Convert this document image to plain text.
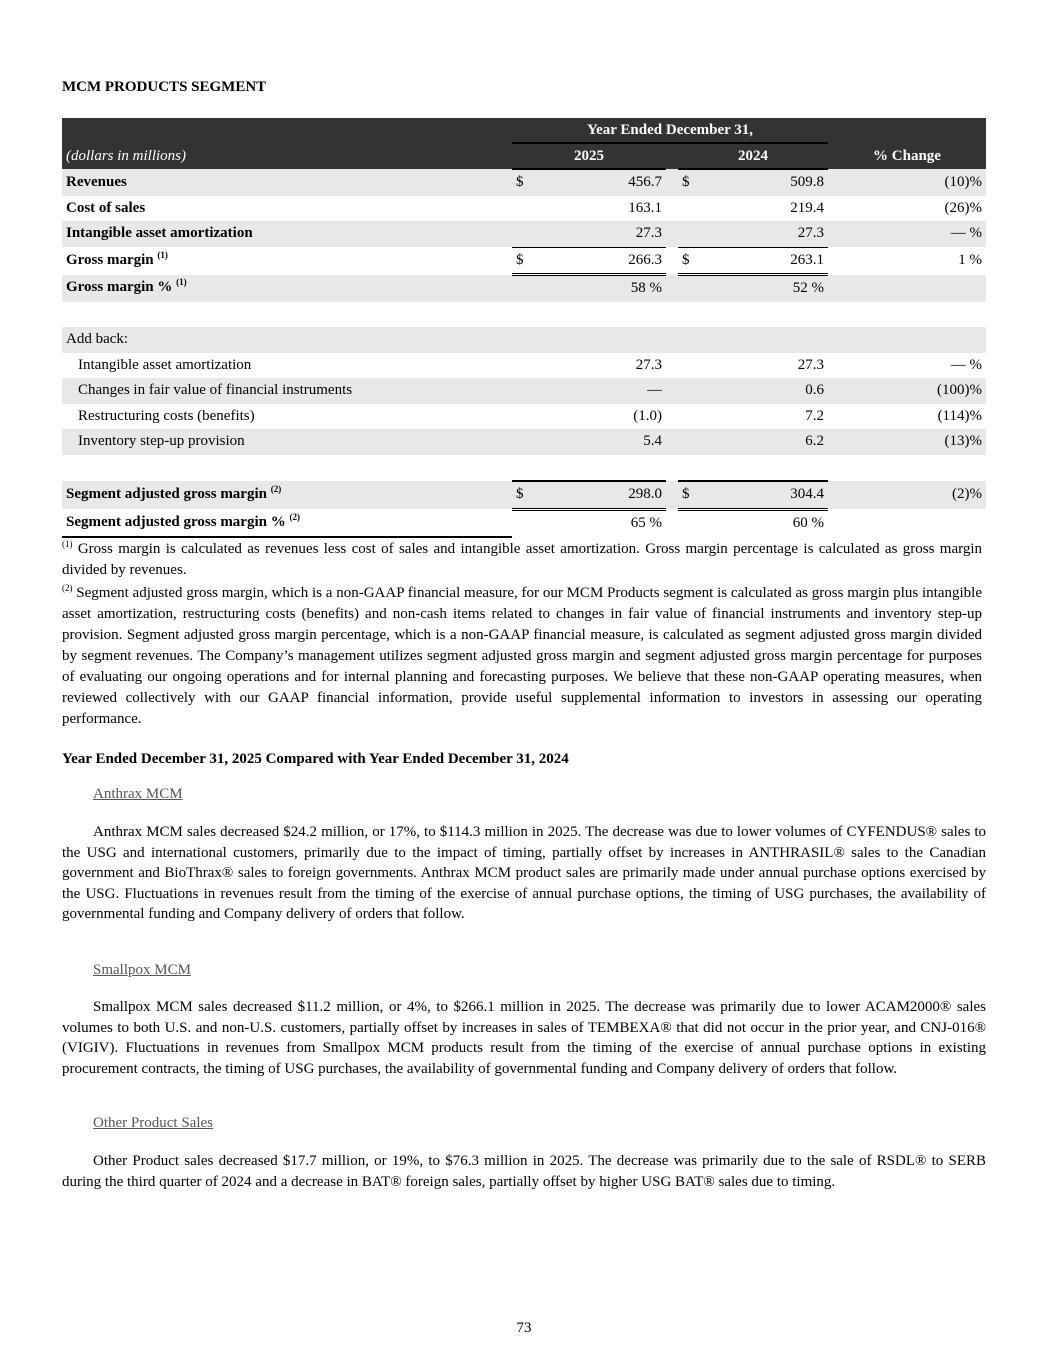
MCM PRODUCTS SEGMENT
	Year Ended December 31,			
(dollars in millions)	2025		2024	% Change
Revenues	$ 456.7		$ 509.8	(10)%
Cost of sales	163.1		219.4	(26)%
Intangible asset amortization	27.3		27.3	— %
Gross margin $^{(1)}$	$ 266.3		$ 263.1	1 %
Gross margin % $^{(1)}$	58 %		52 %	

Add back:				
Intangible asset amortization	27.3		27.3	— %
Changes in fair value of financial instruments	—		0.6	(100)%
Restructuring costs (benefits)	(1.0)		7.2	(114)%
Inventory step-up provision	5.4		6.2	(13)%

Segment adjusted gross margin $^{(2)}$	$ 298.0		$ 304.4	(2)%
Segment adjusted gross margin % $^{(2)}$	65 %		60 %	

$^{(1)}$ Gross margin is calculated as revenues less cost of sales and intangible asset amortization. Gross margin percentage is calculated as gross margin divided by revenues.
$^{(2)}$ Segment adjusted gross margin, which is a non-GAAP financial measure, for our MCM Products segment is calculated as gross margin plus intangible asset amortization, restructuring costs (benefits) and non-cash items related to changes in fair value of financial instruments and inventory step-up provision. Segment adjusted gross margin percentage, which is a non-GAAP financial measure, is calculated as segment adjusted gross margin divided by segment revenues. The Company’s management utilizes segment adjusted gross margin and segment adjusted gross margin percentage for purposes of evaluating our ongoing operations and for internal planning and forecasting purposes. We believe that these non-GAAP operating measures, when reviewed collectively with our GAAP financial information, provide useful supplemental information to investors in assessing our operating performance.
Year Ended December 31, 2025 Compared with Year Ended December 31, 2024
Anthrax MCM
Anthrax MCM sales decreased $24.2 million, or 17%, to $114.3 million in 2025. The decrease was due to lower volumes of CYFENDUS® sales to the USG and international customers, primarily due to the impact of timing, partially offset by increases in ANTHRASIL® sales to the Canadian government and BioThrax® sales to foreign governments. Anthrax MCM product sales are primarily made under annual purchase options exercised by the USG. Fluctuations in revenues result from the timing of the exercise of annual purchase options, the timing of USG purchases, the availability of governmental funding and Company delivery of orders that follow.
Smallpox MCM
Smallpox MCM sales decreased $11.2 million, or 4%, to $266.1 million in 2025. The decrease was primarily due to lower ACAM2000® sales volumes to both U.S. and non-U.S. customers, partially offset by increases in sales of TEMBEXA® that did not occur in the prior year, and CNJ-016® (VIGIV). Fluctuations in revenues from Smallpox MCM products result from the timing of the exercise of annual purchase options in existing procurement contracts, the timing of USG purchases, the availability of governmental funding and Company delivery of orders that follow.
Other Product Sales
Other Product sales decreased $17.7 million, or 19%, to $76.3 million in 2025. The decrease was primarily due to the sale of RSDL® to SERB during the third quarter of 2024 and a decrease in BAT® foreign sales, partially offset by higher USG BAT® sales due to timing.
73
